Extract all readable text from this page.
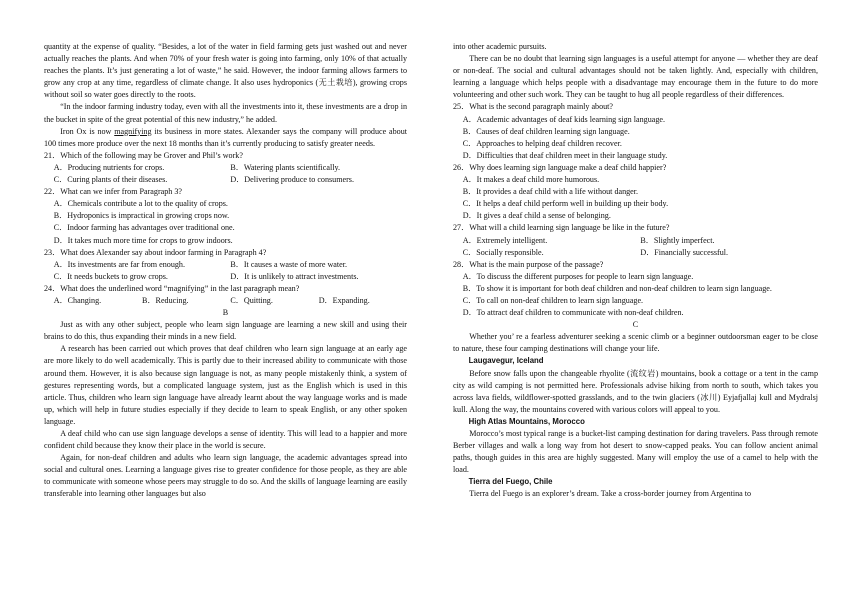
quantity at the expense of quality. “Besides, a lot of the water in field farming gets just washed out and never actually reaches the plants. And when 70% of your fresh water is going into farming, only 10% of that actually reaches the plants. It’s just generating a lot of waste,” he said. However, the indoor farming allows farmers to grow any crop at any time, regardless of climate change. It also uses hydroponics (无土栽培), growing crops without soil so water goes directly to the roots.

“In the indoor farming industry today, even with all the investments into it, these investments are a drop in the bucket in spite of the great potential of this new industry,” he added.

Iron Ox is now magnifying its business in more states. Alexander says the company will produce about 100 times more produce over the next 18 months than it’s currently producing to satisfy greater needs.

21．Which of the following may be Grover and Phil’s work?

A．Producing nutrients for crops.	B．Watering plants scientifically.

C．Curing plants of their diseases.	D．Delivering produce to consumers.

22．What can we infer from Paragraph 3?

A．Chemicals contribute a lot to the quality of crops.

B．Hydroponics is impractical in growing crops now.

C．Indoor farming has advantages over traditional one.

D．It takes much more time for crops to grow indoors.

23．What does Alexander say about indoor farming in Paragraph 4?

A．Its investments are far from enough.	B．It causes a waste of more water.

C．It needs buckets to grow crops.	D．It is unlikely to attract investments.

24．What does the underlined word “magnifying” in the last paragraph mean?

A．Changing.	B．Reducing.	C．Quitting.	D．Expanding.

B

Just as with any other subject, people who learn sign language are learning a new skill and using their brains to do this, thus expanding their minds in a new field.

A research has been carried out which proves that deaf children who learn sign language at an early age are more likely to do well academically. This is partly due to their increased ability to communicate with those around them. However, it is also because sign language is not, as many people mistakenly think, a system of gestures representing words, but a complicated language system, just as the English which is used in this article. Thus, children who learn sign language have already learnt about the way language works and is made up, which will help in future studies especially if they decide to learn to speak English, or any other spoken language.

A deaf child who can use sign language develops a sense of identity. This will lead to a happier and more confident child because they know their place in the world is secure.

Again, for non-deaf children and adults who learn sign language, the academic advantages spread into social and cultural ones. Learning a language gives rise to greater confidence for those people, as they are able to communicate with someone whose peers may struggle to do so. And the skills of language learning are easily transferable into learning other languages but also

into other academic pursuits.

There can be no doubt that learning sign languages is a useful attempt for anyone — whether they are deaf or non-deaf. The social and cultural advantages should not be taken lightly. And, especially with children, learning a language which helps people with a disadvantage may encourage them in the future to do more volunteering and other such work. They can be taught to hug all people regardless of their differences.

25．What is the second paragraph mainly about?

A．Academic advantages of deaf kids learning sign language.

B．Causes of deaf children learning sign language.

C．Approaches to helping deaf children recover.

D．Difficulties that deaf children meet in their language study.

26．Why does learning sign language make a deaf child happier?

A．It makes a deaf child more humorous.

B．It provides a deaf child with a life without danger.

C．It helps a deaf child perform well in building up their body.

D．It gives a deaf child a sense of belonging.

27．What will a child learning sign language be like in the future?

A．Extremely intelligent.	B．Slightly imperfect.

C．Socially responsible.	D．Financially successful.

28．What is the main purpose of the passage?

A．To discuss the different purposes for people to learn sign language.

B．To show it is important for both deaf children and non-deaf children to learn sign language.

C．To call on non-deaf children to learn sign language.

D．To attract deaf children to communicate with non-deaf children.

C

Whether you’ re a fearless adventurer seeking a scenic climb or a beginner outdoorsman eager to be close to nature, these four camping destinations will change your life.

Laugavegur, Iceland

Before snow falls upon the changeable rhyolite (流纹岩) mountains, book a cottage or a tent in the camp city as wild camping is not permitted here. Professionals advise hiking from north to south, which takes you across lava fields, wildflower-spotted grasslands, and to the twin glaciers (冰川) Eyjafjallaj kull and Mydralsj kull. Along the way, the mountains covered with various colors will appeal to you.

High Atlas Mountains, Morocco

Morocco’s most typical range is a bucket-list camping destination for daring travelers. Pass through remote Berber villages and walk a long way from hot desert to snow-capped peaks. You can follow ancient animal paths, though guides in this area are highly suggested. Many will employ the use of a camel to help with the load.

Tierra del Fuego, Chile

Tierra del Fuego is an explorer’s dream. Take a cross-border journey from Argentina to
